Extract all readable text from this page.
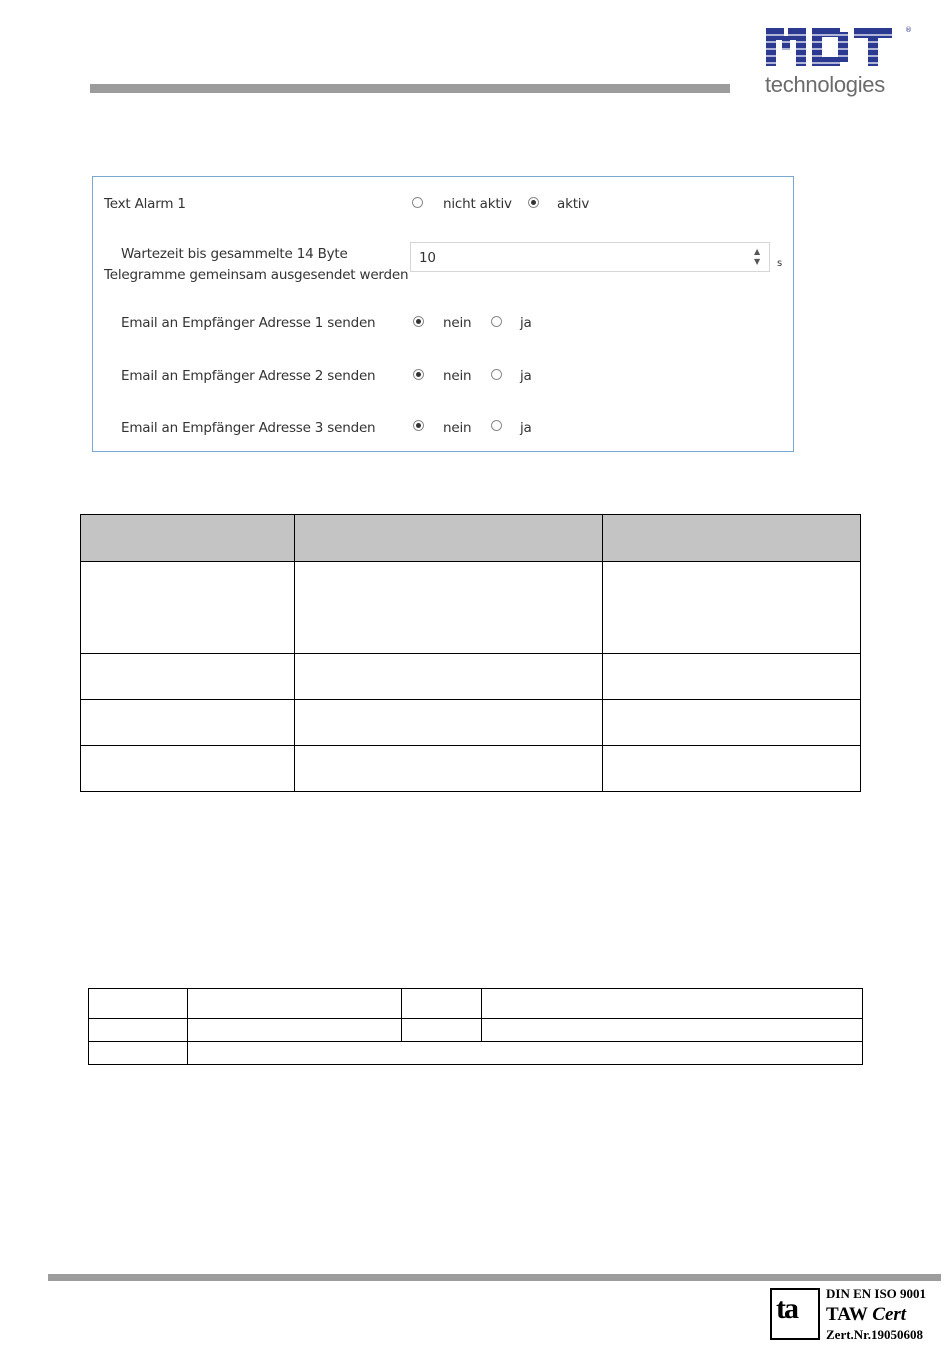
®
MDT
technologies
Text Alarm 1	nicht aktiv	aktiv
Wartezeit bis gesammelte 14 Byte
Telegramme gemeinsam ausgesendet werden
10	▲
▼ s
Email an Empfänger Adresse 1 senden	nein	ja
Email an Empfänger Adresse 2 senden	nein	ja
Email an Empfänger Adresse 3 senden	nein	ja
ta DIN EN ISO 9001
TAW Cert
Zert.Nr.19050608
